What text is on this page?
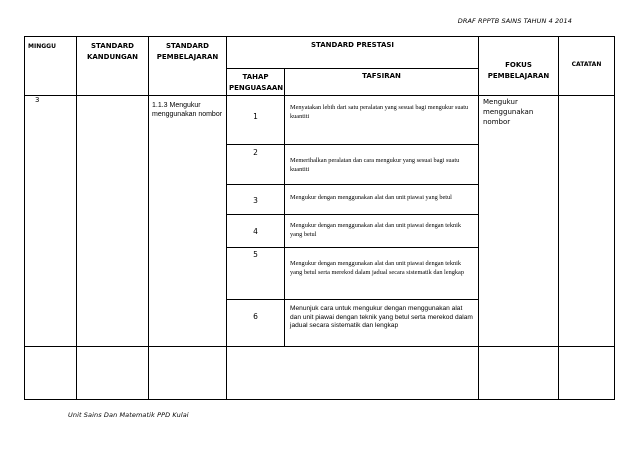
DRAF RPPTB SAINS TAHUN 4 2014
MINGGU	STANDARD KANDUNGAN	STANDARD PEMBELAJARAN	STANDARD PRESTASI		FOKUS PEMBELAJARAN	CATATAN

			TAHAP PENGUASAAN	TAFSIRAN		

3		1.1.3 Mengukur menggunakan nombor	1	Menyatakan lebih dari satu peralatan yang sesuai bagi mengukur suatu kuantiti	Mengukur menggunakan nombor	

			2	Memerihalkan peralatan dan cara mengukur yang sesuai bagi suatu kuantiti		

			3	Mengukur dengan menggunakan alat dan unit piawai yang betul		

			4	Mengukur dengan menggunakan alat dan unit piawai dengan teknik yang betul		

			5	Mengukur dengan menggunakan alat dan unit piawai dengan teknik yang betul serta merekod dalam jadual secara sistematik dan lengkap		

			6	Menunjuk cara untuk mengukur dengan menggunakan alat dan unit piawai dengan teknik yang betul serta merekod dalam jadual secara sistematik dan lengkap		

Unit Sains Dan Matematik PPD Kulai
